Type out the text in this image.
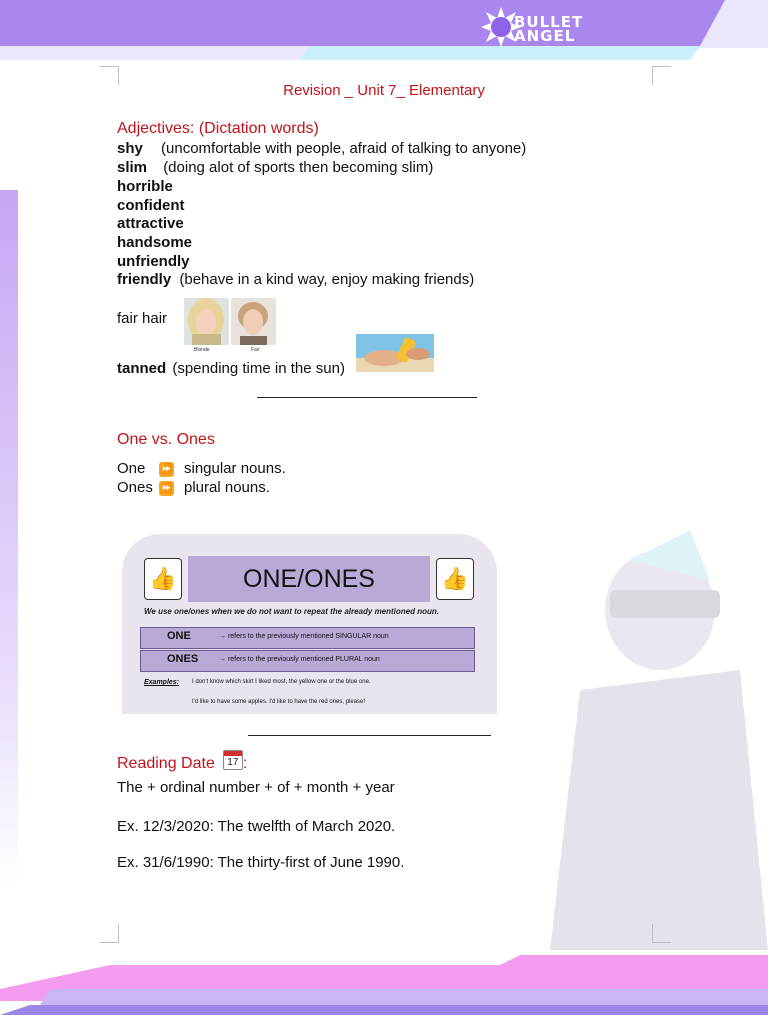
BULLET
ANGEL
Revision _ Unit 7_ Elementary
Adjectives: (Dictation words)
shy (uncomfortable with people, afraid of talking to anyone)
slim (doing alot of sports then becoming slim)
horrible
confident
attractive
handsome
unfriendly
friendly (behave in a kind way, enjoy making friends)
fair hair
Blonde	Fair
tanned (spending time in the sun)
One vs. Ones
One ⏩ singular nouns.
Ones ⏩ plural nouns.
ONE/ONES
👍	👍
We use one/ones when we do not want to repeat the already mentioned noun.
ONE	→ refers to the previously mentioned SINGULAR noun
ONES	→ refers to the previously mentioned PLURAL noun
Examples: I don't know which skirt I liked most, the yellow one or the blue one.
I'd like to have some apples. I'd like to have the red ones, please!
Reading Date	17 :
The + ordinal number + of + month + year
Ex. 12/3/2020: The twelfth of March 2020.
Ex. 31/6/1990: The thirty-first of June 1990.
